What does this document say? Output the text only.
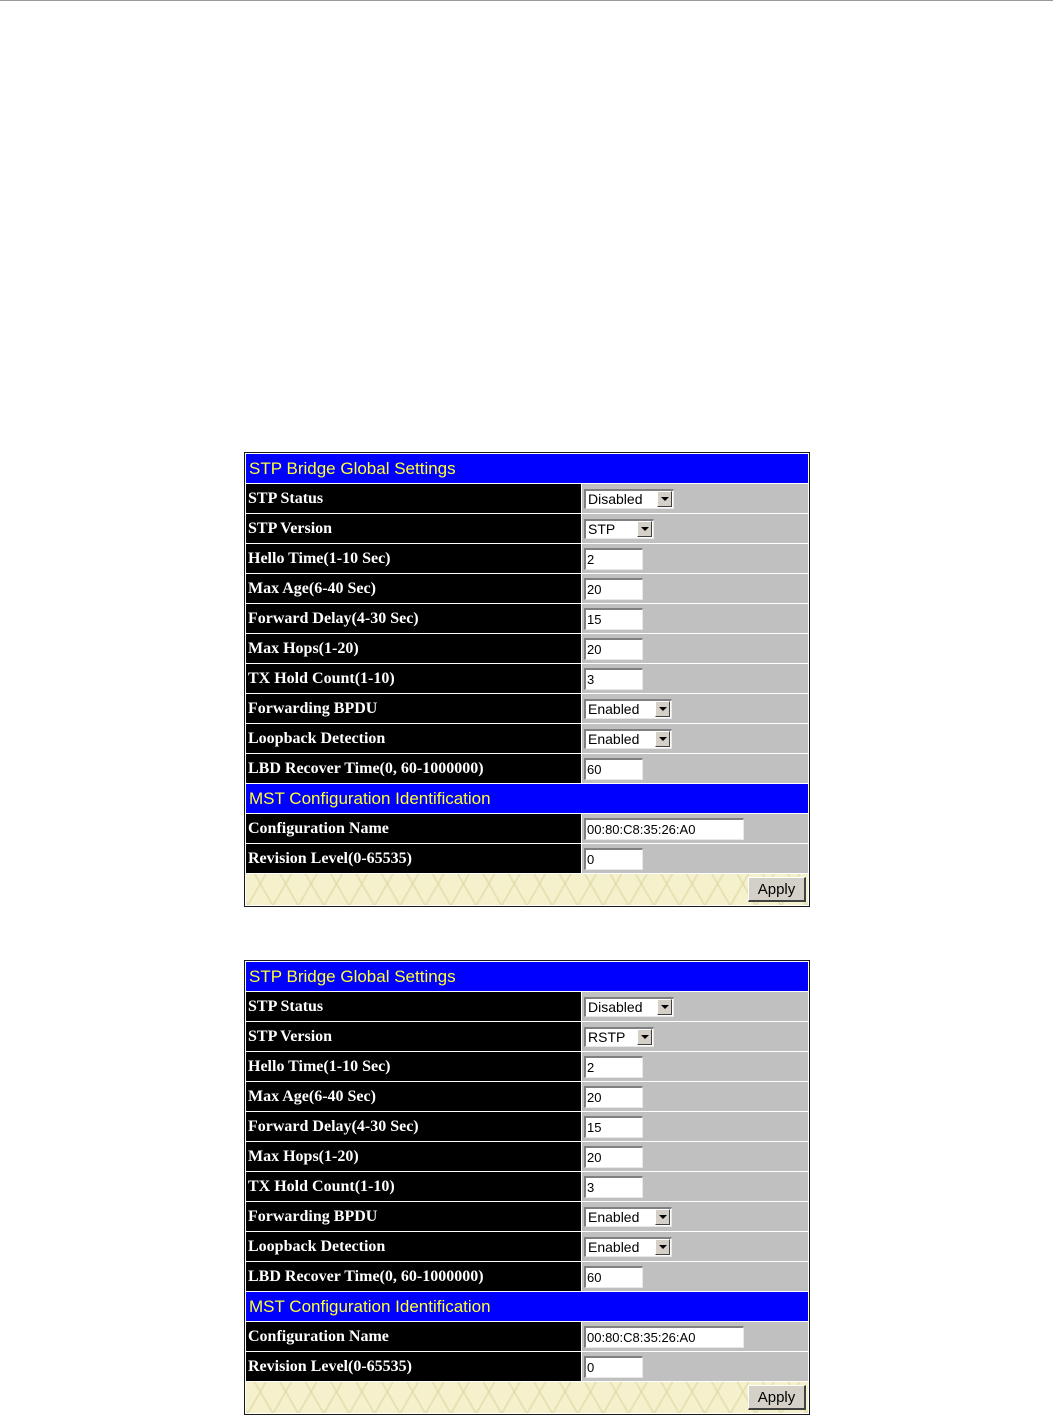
STP Bridge Global Settings
STP Status	Disabled
STP Version	STP
Hello Time(1-10 Sec)	2
Max Age(6-40 Sec)	20
Forward Delay(4-30 Sec)	15
Max Hops(1-20)	20
TX Hold Count(1-10)	3
Forwarding BPDU	Enabled
Loopback Detection	Enabled
LBD Recover Time(0, 60-1000000)	60
MST Configuration Identification
Configuration Name	00:80:C8:35:26:A0
Revision Level(0-65535)	0
Apply
STP Bridge Global Settings
STP Status	Disabled
STP Version	RSTP
Hello Time(1-10 Sec)	2
Max Age(6-40 Sec)	20
Forward Delay(4-30 Sec)	15
Max Hops(1-20)	20
TX Hold Count(1-10)	3
Forwarding BPDU	Enabled
Loopback Detection	Enabled
LBD Recover Time(0, 60-1000000)	60
MST Configuration Identification
Configuration Name	00:80:C8:35:26:A0
Revision Level(0-65535)	0
Apply
